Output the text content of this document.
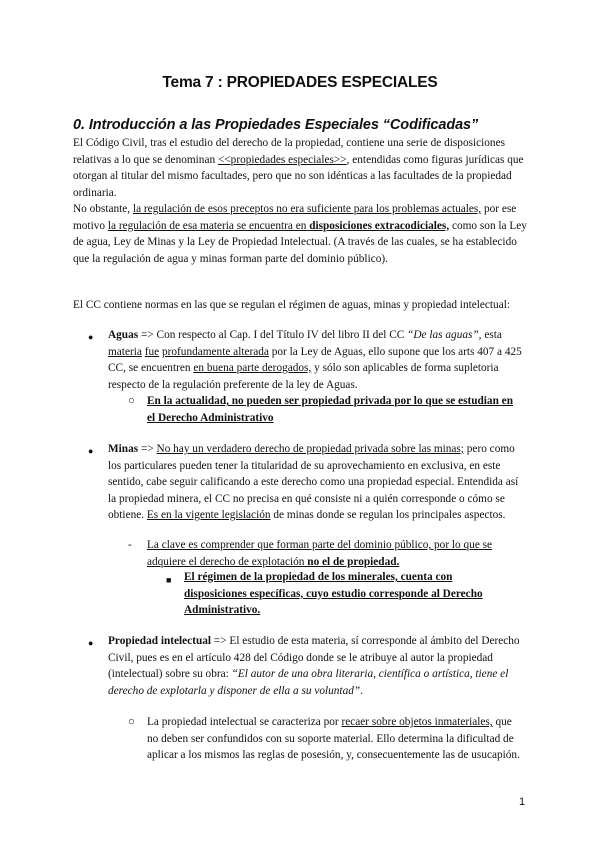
Tema 7 : PROPIEDADES ESPECIALES
0. Introducción a las Propiedades Especiales “Codificadas”

El Código Civil, tras el estudio del derecho de la propiedad, contiene una serie de disposiciones relativas a lo que se denominan <<propiedades especiales>>, entendidas como figuras jurídicas que otorgan al titular del mismo facultades, pero que no son idénticas a las facultades de la propiedad ordinaria.

No obstante, la regulación de esos preceptos no era suficiente para los problemas actuales, por ese motivo la regulación de esa materia se encuentra en disposiciones extracodiciales, como son la Ley de agua, Ley de Minas y la Ley de Propiedad Intelectual. (A través de las cuales, se ha establecido que la regulación de agua y minas forman parte del dominio público).

El CC contiene normas en las que se regulan el régimen de aguas, minas y propiedad intelectual:

● Aguas => Con respecto al Cap. I del Título IV del libro II del CC “De las aguas”, esta materia fue profundamente alterada por la Ley de Aguas, ello supone que los arts 407 a 425 CC, se encuentren en buena parte derogados, y sólo son aplicables de forma supletoria respecto de la regulación preferente de la ley de Aguas.

○ En la actualidad, no pueden ser propiedad privada por lo que se estudian en el Derecho Administrativo

● Minas => No hay un verdadero derecho de propiedad privada sobre las minas; pero como los particulares pueden tener la titularidad de su aprovechamiento en exclusiva, en este sentido, cabe seguir calificando a este derecho como una propiedad especial. Entendida así la propiedad minera, el CC no precisa en qué consiste ni a quién corresponde o cómo se obtiene. Es en la vigente legislación de minas donde se regulan los principales aspectos.

- La clave es comprender que forman parte del dominio público, por lo que se adquiere el derecho de explotación no el de propiedad.

■ El régimen de la propiedad de los minerales, cuenta con disposiciones específicas, cuyo estudio corresponde al Derecho Administrativo.

● Propiedad intelectual => El estudio de esta materia, sí corresponde al ámbito del Derecho Civil, pues es en el artículo 428 del Código donde se le atribuye al autor la propiedad (intelectual) sobre su obra: “El autor de una obra literaria, científica o artística, tiene el derecho de explotarla y disponer de ella a su voluntad”.

○ La propiedad intelectual se caracteriza por recaer sobre objetos inmateriales, que no deben ser confundidos con su soporte material. Ello determina la dificultad de aplicar a los mismos las reglas de posesión, y, consecuentemente las de usucapión.

1
